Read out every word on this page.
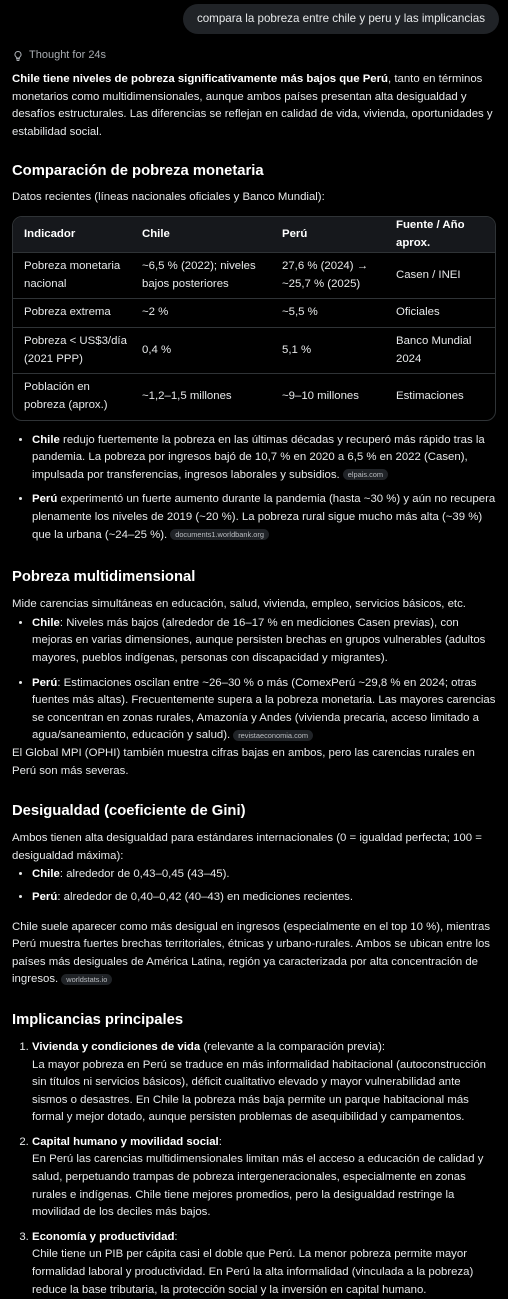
compara la pobreza entre chile y peru y las implicancias
Thought for 24s

Chile tiene niveles de pobreza significativamente más bajos que Perú, tanto en términos monetarios como multidimensionales, aunque ambos países presentan alta desigualdad y desafíos estructurales. Las diferencias se reflejan en calidad de vida, vivienda, oportunidades y estabilidad social.

Comparación de pobreza monetaria

Datos recientes (líneas nacionales oficiales y Banco Mundial):

Indicador	Chile	Perú	Fuente / Año aprox.
Pobreza monetaria nacional	~6,5 % (2022); niveles bajos posteriores	27,6 % (2024) → ~25,7 % (2025)	Casen / INEI
Pobreza extrema	~2 %	~5,5 %	Oficiales
Pobreza < US$3/día (2021 PPP)	0,4 %	5,1 %	Banco Mundial 2024
Población en pobreza (aprox.)	~1,2–1,5 millones	~9–10 millones	Estimaciones
• Chile redujo fuertemente la pobreza en las últimas décadas y recuperó más rápido tras la pandemia. La pobreza por ingresos bajó de 10,7 % en 2020 a 6,5 % en 2022 (Casen), impulsada por transferencias, ingresos laborales y subsidios. elpais.com
• Perú experimentó un fuerte aumento durante la pandemia (hasta ~30 %) y aún no recupera plenamente los niveles de 2019 (~20 %). La pobreza rural sigue mucho más alta (~39 %) que la urbana (~24–25 %). documents1.worldbank.org
Pobreza multidimensional

Mide carencias simultáneas en educación, salud, vivienda, empleo, servicios básicos, etc.

• Chile: Niveles más bajos (alrededor de 16–17 % en mediciones Casen previas), con mejoras en varias dimensiones, aunque persisten brechas en grupos vulnerables (adultos mayores, pueblos indígenas, personas con discapacidad y migrantes).
• Perú: Estimaciones oscilan entre ~26–30 % o más (ComexPerú ~29,8 % en 2024; otras fuentes más altas). Frecuentemente supera a la pobreza monetaria. Las mayores carencias se concentran en zonas rurales, Amazonía y Andes (vivienda precaria, acceso limitado a agua/saneamiento, educación y salud). revistaeconomia.com

El Global MPI (OPHI) también muestra cifras bajas en ambos, pero las carencias rurales en Perú son más severas.

Desigualdad (coeficiente de Gini)

Ambos tienen alta desigualdad para estándares internacionales (0 = igualdad perfecta; 100 = desigualdad máxima):

• Chile: alrededor de 0,43–0,45 (43–45).
• Perú: alrededor de 0,40–0,42 (40–43) en mediciones recientes.

Chile suele aparecer como más desigual en ingresos (especialmente en el top 10 %), mientras Perú muestra fuertes brechas territoriales, étnicas y urbano-rurales. Ambos se ubican entre los países más desiguales de América Latina, región ya caracterizada por alta concentración de ingresos. worldstats.io

Implicancias principales
1. Vivienda y condiciones de vida (relevante a la comparación previa):
La mayor pobreza en Perú se traduce en más informalidad habitacional (autoconstrucción sin títulos ni servicios básicos), déficit cualitativo elevado y mayor vulnerabilidad ante sismos o desastres. En Chile la pobreza más baja permite un parque habitacional más formal y mejor dotado, aunque persisten problemas de asequibilidad y campamentos.
2. Capital humano y movilidad social:
En Perú las carencias multidimensionales limitan más el acceso a educación de calidad y salud, perpetuando trampas de pobreza intergeneracionales, especialmente en zonas rurales e indígenas. Chile tiene mejores promedios, pero la desigualdad restringe la movilidad de los deciles más bajos.
3. Economía y productividad:
Chile tiene un PIB per cápita casi el doble que Perú. La menor pobreza permite mayor formalidad laboral y productividad. En Perú la alta informalidad (vinculada a la pobreza) reduce la base tributaria, la protección social y la inversión en capital humano.
